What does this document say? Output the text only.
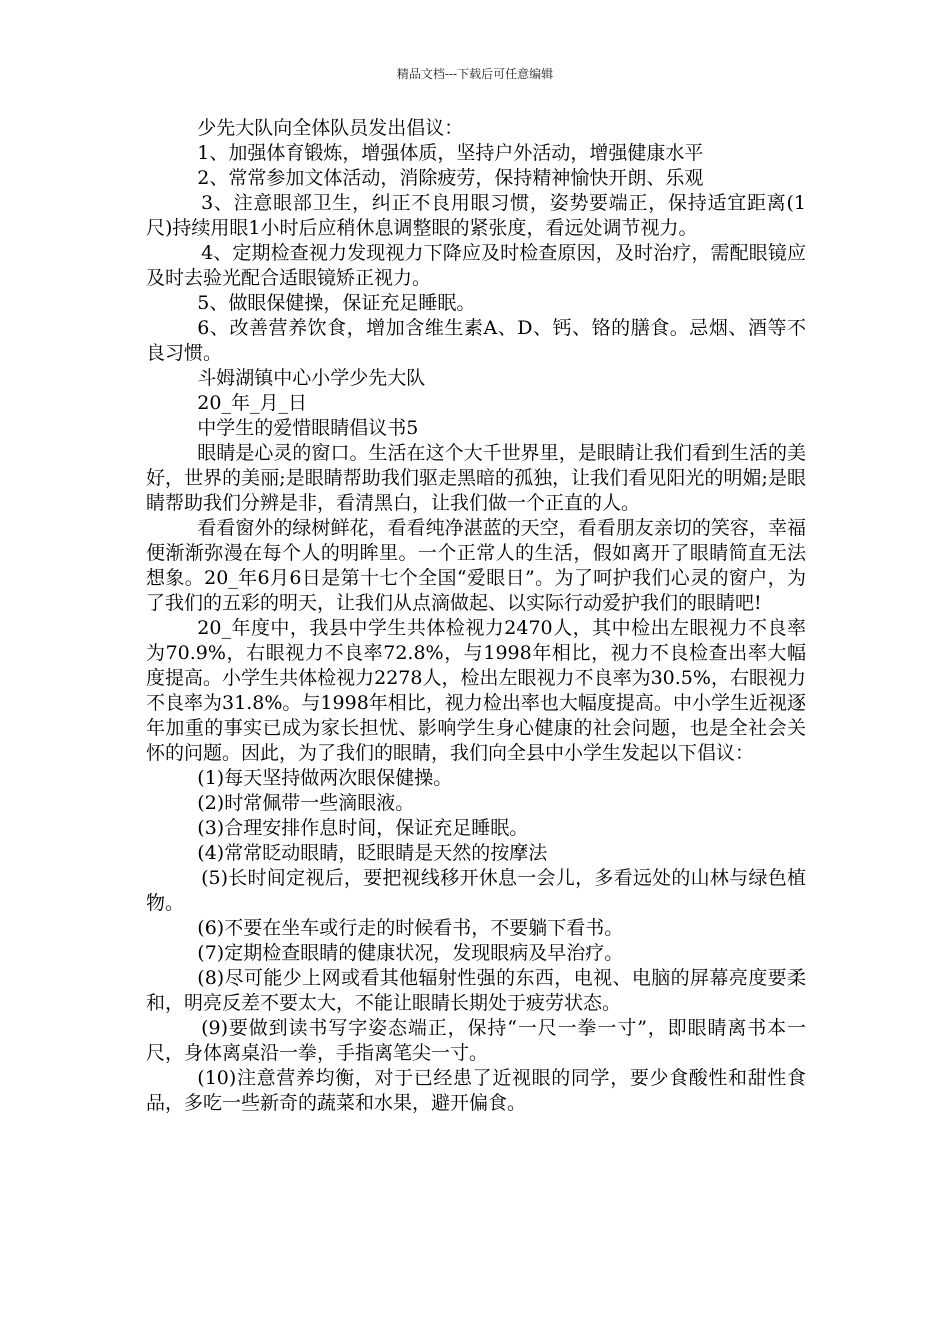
精品文档---下载后可任意编辑

少先大队向全体队员发出倡议：

1、加强体育锻炼，增强体质，坚持户外活动，增强健康水平

2、常常参加文体活动，消除疲劳，保持精神愉快开朗、乐观

3、注意眼部卫生，纠正不良用眼习惯，姿势要端正，保持适宜距离(1尺)持续用眼1小时后应稍休息调整眼的紧张度，看远处调节视力。

4、定期检查视力发现视力下降应及时检查原因，及时治疗，需配眼镜应及时去验光配合适眼镜矫正视力。

5、做眼保健操，保证充足睡眠。

6、改善营养饮食，增加含维生素A、D、钙、铬的膳食。忌烟、酒等不良习惯。

斗姆湖镇中心小学少先大队

20_年_月_日

中学生的爱惜眼睛倡议书5

眼睛是心灵的窗口。生活在这个大千世界里，是眼睛让我们看到生活的美好，世界的美丽;是眼睛帮助我们驱走黑暗的孤独，让我们看见阳光的明媚;是眼睛帮助我们分辨是非，看清黑白，让我们做一个正直的人。

看看窗外的绿树鲜花，看看纯净湛蓝的天空，看看朋友亲切的笑容，幸福便渐渐弥漫在每个人的明眸里。一个正常人的生活，假如离开了眼睛简直无法想象。20_年6月6日是第十七个全国“爱眼日”。为了呵护我们心灵的窗户，为了我们的五彩的明天，让我们从点滴做起、以实际行动爱护我们的眼睛吧!

20_年度中，我县中学生共体检视力2470人，其中检出左眼视力不良率为70.9%，右眼视力不良率72.8%，与1998年相比，视力不良检查出率大幅度提高。小学生共体检视力2278人，检出左眼视力不良率为30.5%，右眼视力不良率为31.8%。与1998年相比，视力检出率也大幅度提高。中小学生近视逐年加重的事实已成为家长担忧、影响学生身心健康的社会问题，也是全社会关怀的问题。因此，为了我们的眼睛，我们向全县中小学生发起以下倡议：

(1)每天坚持做两次眼保健操。

(2)时常佩带一些滴眼液。

(3)合理安排作息时间，保证充足睡眠。

(4)常常眨动眼睛，眨眼睛是天然的按摩法

(5)长时间定视后，要把视线移开休息一会儿，多看远处的山林与绿色植物。

(6)不要在坐车或行走的时候看书，不要躺下看书。

(7)定期检查眼睛的健康状况，发现眼病及早治疗。

(8)尽可能少上网或看其他辐射性强的东西，电视、电脑的屏幕亮度要柔和，明亮反差不要太大，不能让眼睛长期处于疲劳状态。

(9)要做到读书写字姿态端正，保持“一尺一拳一寸”，即眼睛离书本一尺，身体离桌沿一拳，手指离笔尖一寸。

(10)注意营养均衡，对于已经患了近视眼的同学，要少食酸性和甜性食品，多吃一些新奇的蔬菜和水果，避开偏食。
